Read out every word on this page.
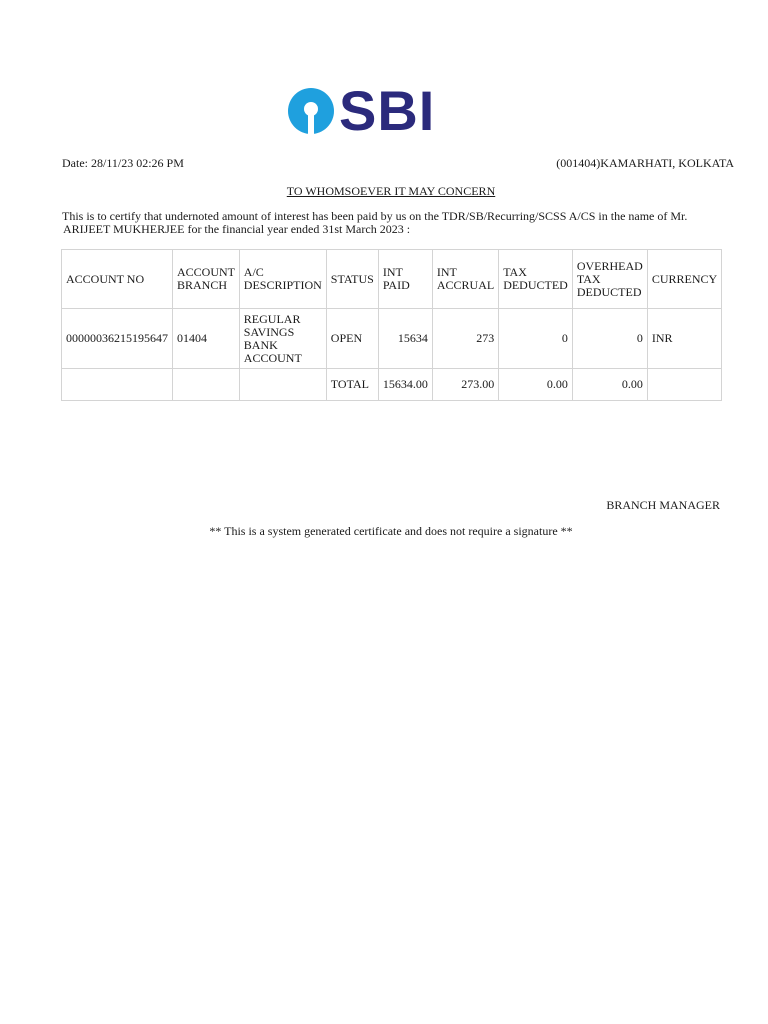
SBI
Date: 28/11/23 02:26 PM	(001404)KAMARHATI, KOLKATA
TO WHOMSOEVER IT MAY CONCERN
This is to certify that undernoted amount of interest has been paid by us on the TDR/SB/Recurring/SCSS A/CS in the name of Mr.
ARIJEET MUKHERJEE for the financial year ended 31st March 2023 :
ACCOUNT NO	ACCOUNT BRANCH	A/C DESCRIPTION	STATUS	INT PAID	INT ACCRUAL	TAX DEDUCTED	OVERHEAD TAX DEDUCTED	CURRENCY
00000036215195647	01404	REGULAR SAVINGS BANK ACCOUNT	OPEN	15634	273	0	0	INR
			TOTAL	15634.00	273.00	0.00	0.00	
BRANCH MANAGER
** This is a system generated certificate and does not require a signature **
